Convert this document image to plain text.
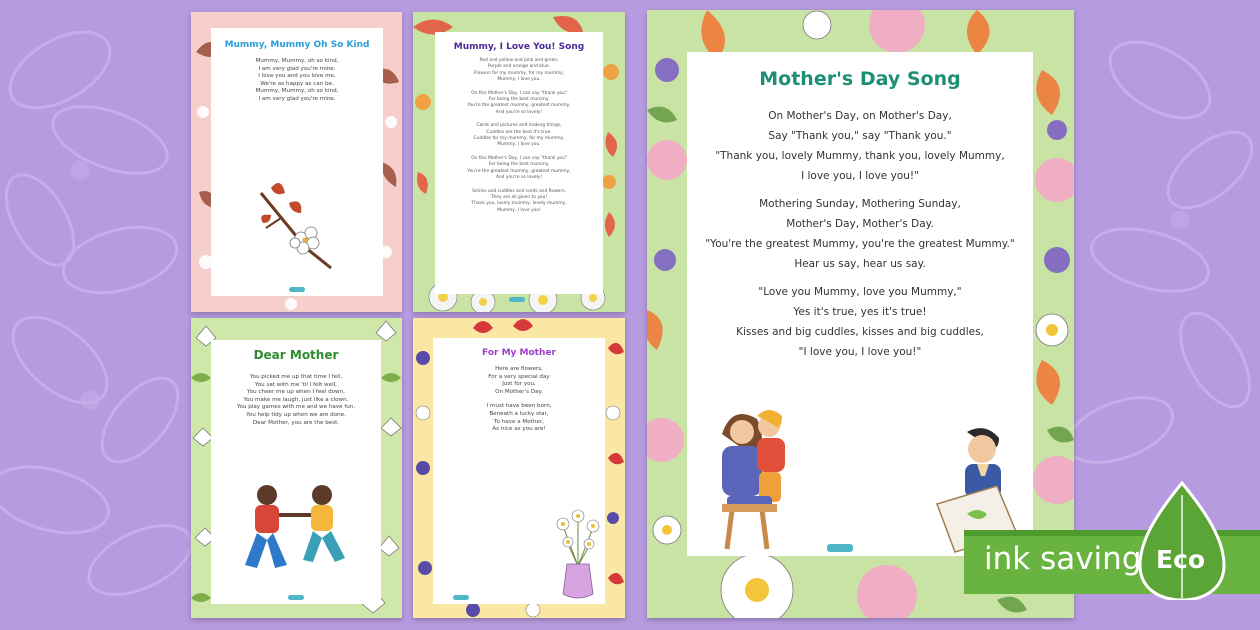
Mummy, Mummy Oh So Kind
Mummy, Mummy, oh so kind,
I am very glad you're mine.
I love you and you love me,
We're as happy as can be.
Mummy, Mummy, oh so kind,
I am very glad you're mine.
Mummy, I Love You! Song
Red and yellow and pink and green,
Purple and orange and blue.
Flowers for my mummy, for my mummy,
Mummy, I love you.
On this Mother's Day, I can say "thank you"
For being the best mummy.
You're the greatest mummy, greatest mummy,
And you're so lovely!
Cards and pictures and making things,
Cuddles are the best it's true.
Cuddles for my mummy, for my mummy,
Mummy, I love you.
On this Mother's Day, I can say "thank you"
For being the best mummy.
You're the greatest mummy, greatest mummy,
And you're so lovely!
Smiles and cuddles and cards and flowers,
They are all given to you!
Thank you, lovely mummy, lovely mummy,
Mummy, I love you!
Dear Mother
You picked me up that time I fell,
You sat with me 'til I felt well,
You cheer me up when I feel down,
You make me laugh, just like a clown.
You play games with me and we have fun,
You help tidy up when we are done.
Dear Mother, you are the best.
For My Mother
Here are flowers,
For a very special day
Just for you,
On Mother's Day.
I must have been born,
Beneath a lucky star,
To have a Mother,
As nice as you are!
Mother's Day Song
On Mother's Day, on Mother's Day,
Say "Thank you," say "Thank you."
"Thank you, lovely Mummy, thank you, lovely Mummy,
I love you, I love you!"
Mothering Sunday, Mothering Sunday,
Mother's Day, Mother's Day.
"You're the greatest Mummy, you're the greatest Mummy."
Hear us say, hear us say.
"Love you Mummy, love you Mummy,"
Yes it's true, yes it's true!
Kisses and big cuddles, kisses and big cuddles,
"I love you, I love you!"
ink saving Eco
